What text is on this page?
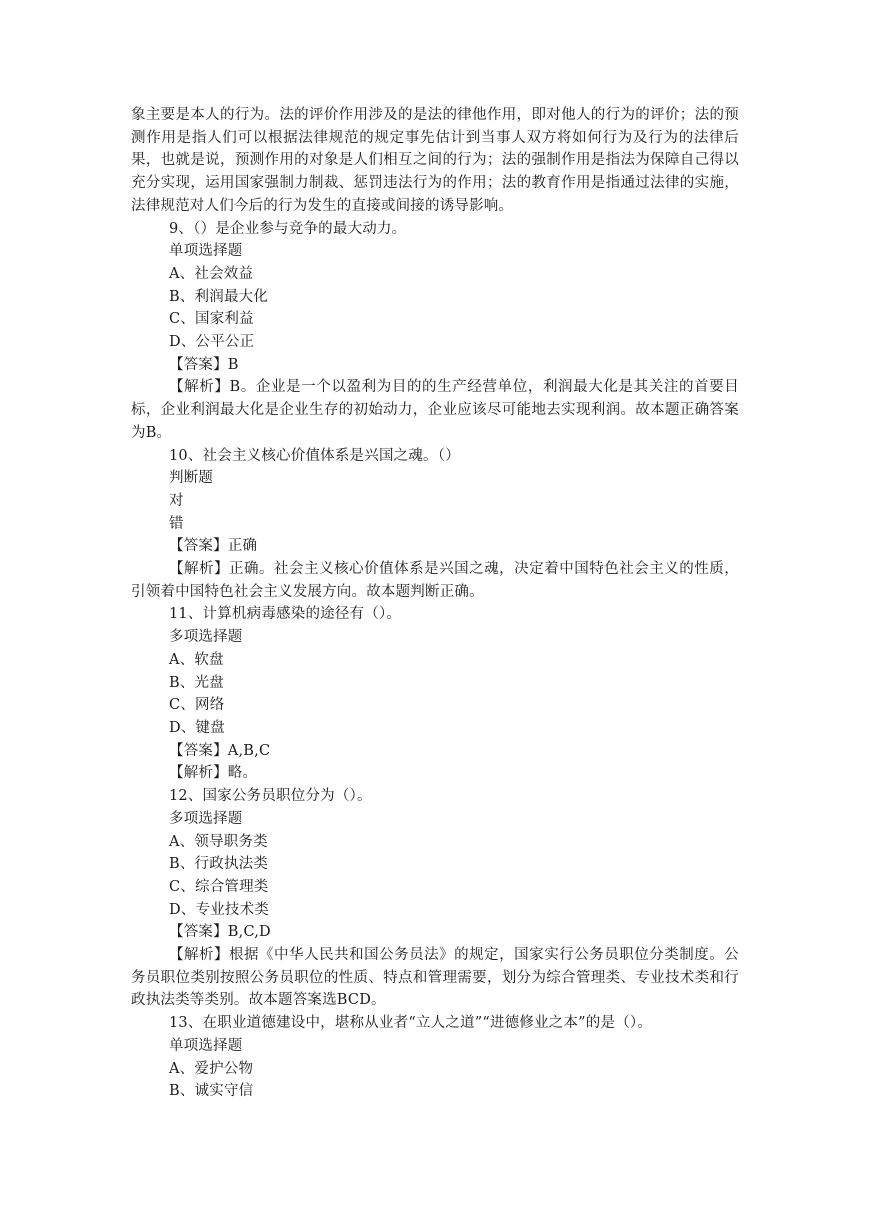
象主要是本人的行为。法的评价作用涉及的是法的律他作用，即对他人的行为的评价；法的预测作用是指人们可以根据法律规范的规定事先估计到当事人双方将如何行为及行为的法律后果，也就是说，预测作用的对象是人们相互之间的行为；法的强制作用是指法为保障自己得以充分实现，运用国家强制力制裁、惩罚违法行为的作用；法的教育作用是指通过法律的实施，法律规范对人们今后的行为发生的直接或间接的诱导影响。

9、（）是企业参与竞争的最大动力。

单项选择题

A、社会效益

B、利润最大化

C、国家利益

D、公平公正

【答案】B

【解析】B。企业是一个以盈利为目的的生产经营单位，利润最大化是其关注的首要目标，企业利润最大化是企业生存的初始动力，企业应该尽可能地去实现利润。故本题正确答案为B。

10、社会主义核心价值体系是兴国之魂。（）

判断题

对

错

【答案】正确

【解析】正确。社会主义核心价值体系是兴国之魂，决定着中国特色社会主义的性质，引领着中国特色社会主义发展方向。故本题判断正确。

11、计算机病毒感染的途径有（）。

多项选择题

A、软盘

B、光盘

C、网络

D、键盘

【答案】A,B,C

【解析】略。

12、国家公务员职位分为（）。

多项选择题

A、领导职务类

B、行政执法类

C、综合管理类

D、专业技术类

【答案】B,C,D

【解析】根据《中华人民共和国公务员法》的规定，国家实行公务员职位分类制度。公务员职位类别按照公务员职位的性质、特点和管理需要，划分为综合管理类、专业技术类和行政执法类等类别。故本题答案选BCD。

13、在职业道德建设中，堪称从业者“立人之道”“进德修业之本”的是（）。

单项选择题

A、爱护公物

B、诚实守信
